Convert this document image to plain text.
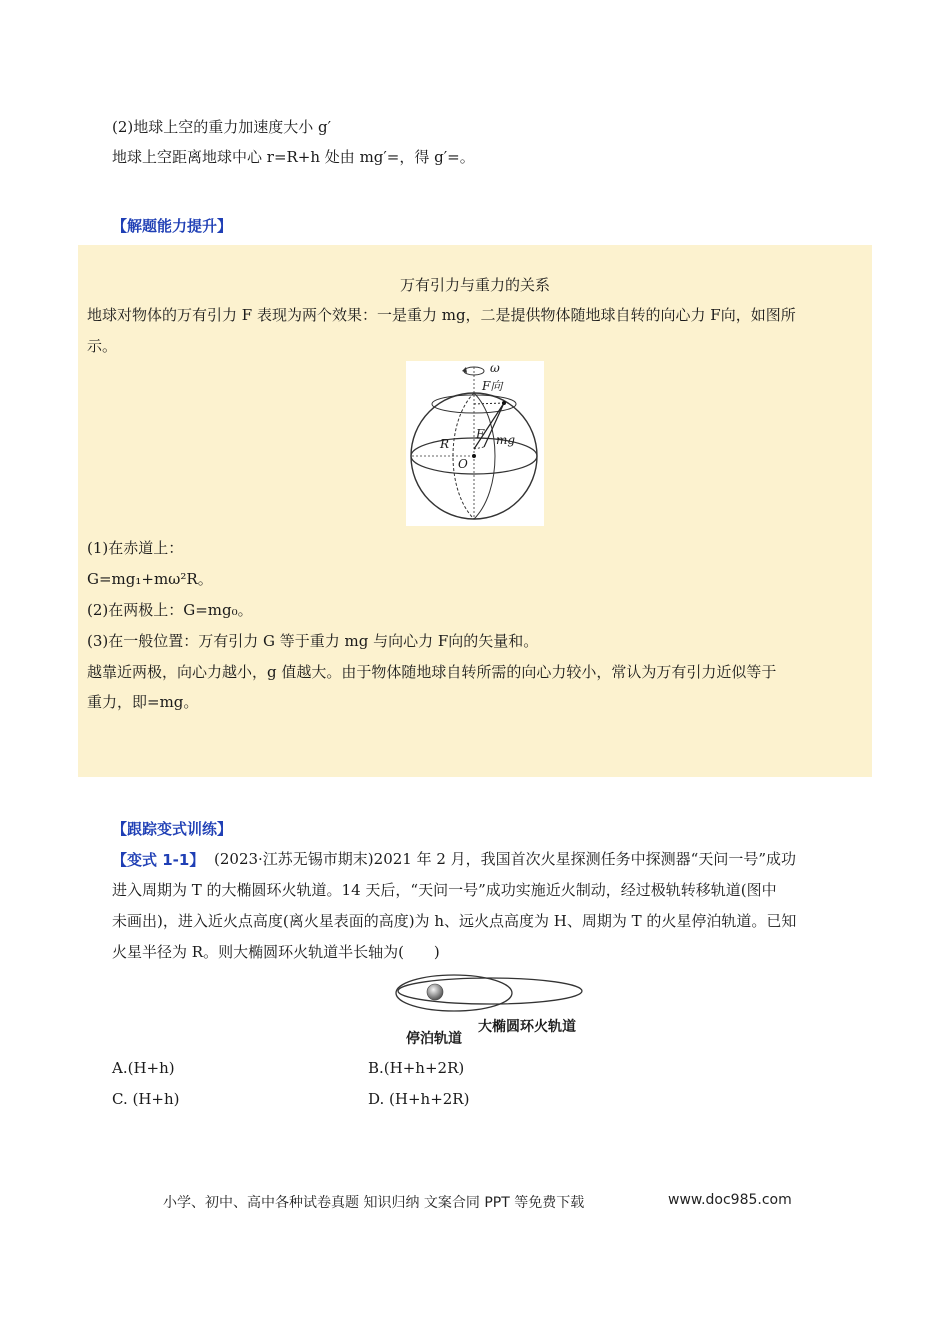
(2)地球上空的重力加速度大小 g′
地球上空距离地球中心 r=R+h 处由 mg′=，得 g′=。
【解题能力提升】
万有引力与重力的关系
地球对物体的万有引力 F 表现为两个效果：一是重力 mg，二是提供物体随地球自转的向心力 F向，如图所
示。
ω
F向
F mg
R
O
(1)在赤道上：
G=mg₁+mω²R。
(2)在两极上：G=mg₀。
(3)在一般位置：万有引力 G 等于重力 mg 与向心力 F向的矢量和。
越靠近两极，向心力越小，g 值越大。由于物体随地球自转所需的向心力较小，常认为万有引力近似等于
重力，即=mg。
【跟踪变式训练】
【变式 1-1】 (2023·江苏无锡市期末)2021 年 2 月，我国首次火星探测任务中探测器“天问一号”成功
进入周期为 T 的大椭圆环火轨道。14 天后，“天问一号”成功实施近火制动，经过极轨转移轨道(图中
未画出)，进入近火点高度(离火星表面的高度)为 h、远火点高度为 H、周期为 T 的火星停泊轨道。已知
火星半径为 R。则大椭圆环火轨道半长轴为(　　)
大椭圆环火轨道
停泊轨道
A.(H+h)	B.(H+h+2R)
C. (H+h)	D. (H+h+2R)
小学、初中、高中各种试卷真题 知识归纳 文案合同 PPT 等免费下载	www.doc985.com
